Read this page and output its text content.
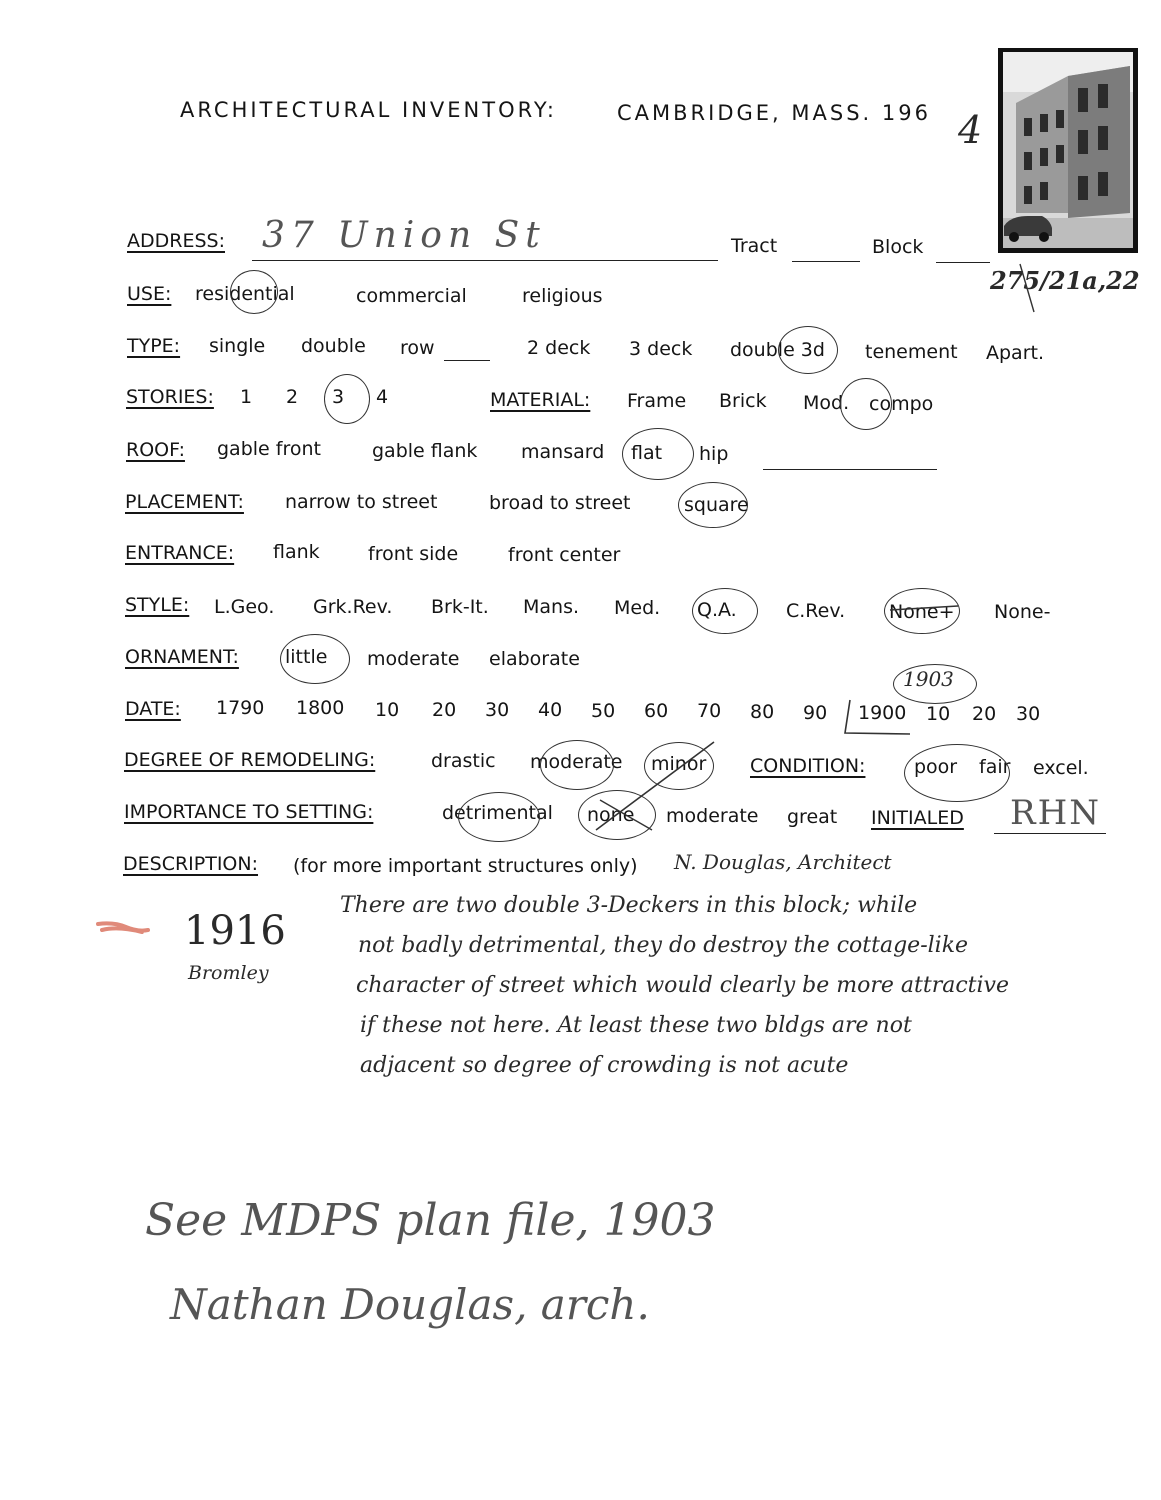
ARCHITECTURAL INVENTORY:	CAMBRIDGE, MASS. 196 4
275/21a,22
ADDRESS: 37 Union St	Tract	Block
USE: residential	commercial	religious
TYPE: single double row	2 deck 3 deck double 3d tenement Apart.
STORIES: 1 2 3 4	MATERIAL: Frame Brick Mod. compo
ROOF: gable front	gable flank mansard flat hip
PLACEMENT: narrow to street	broad to street	square
ENTRANCE: flank	front side	front center
STYLE: L.Geo. Grk.Rev. Brk-It. Mans. Med. Q.A.	C.Rev. None+ None-
ORNAMENT: little moderate elaborate
DATE: 1790 1800 10 20 30 40 50 60 70 80 90 1900 10 20 30
1903
DEGREE OF REMODELING:	drastic moderate minor CONDITION:	poor fair excel.
IMPORTANCE TO SETTING:	detrimental none moderate great INITIALED RHN
DESCRIPTION: (for more important structures only) N. Douglas, Architect
1916
Bromley
There are two double 3-Deckers in this block; while
not badly detrimental, they do destroy the cottage-like
character of street which would clearly be more attractive
if these not here. At least these two bldgs are not
adjacent so degree of crowding is not acute
See MDPS plan file, 1903
Nathan Douglas, arch.
